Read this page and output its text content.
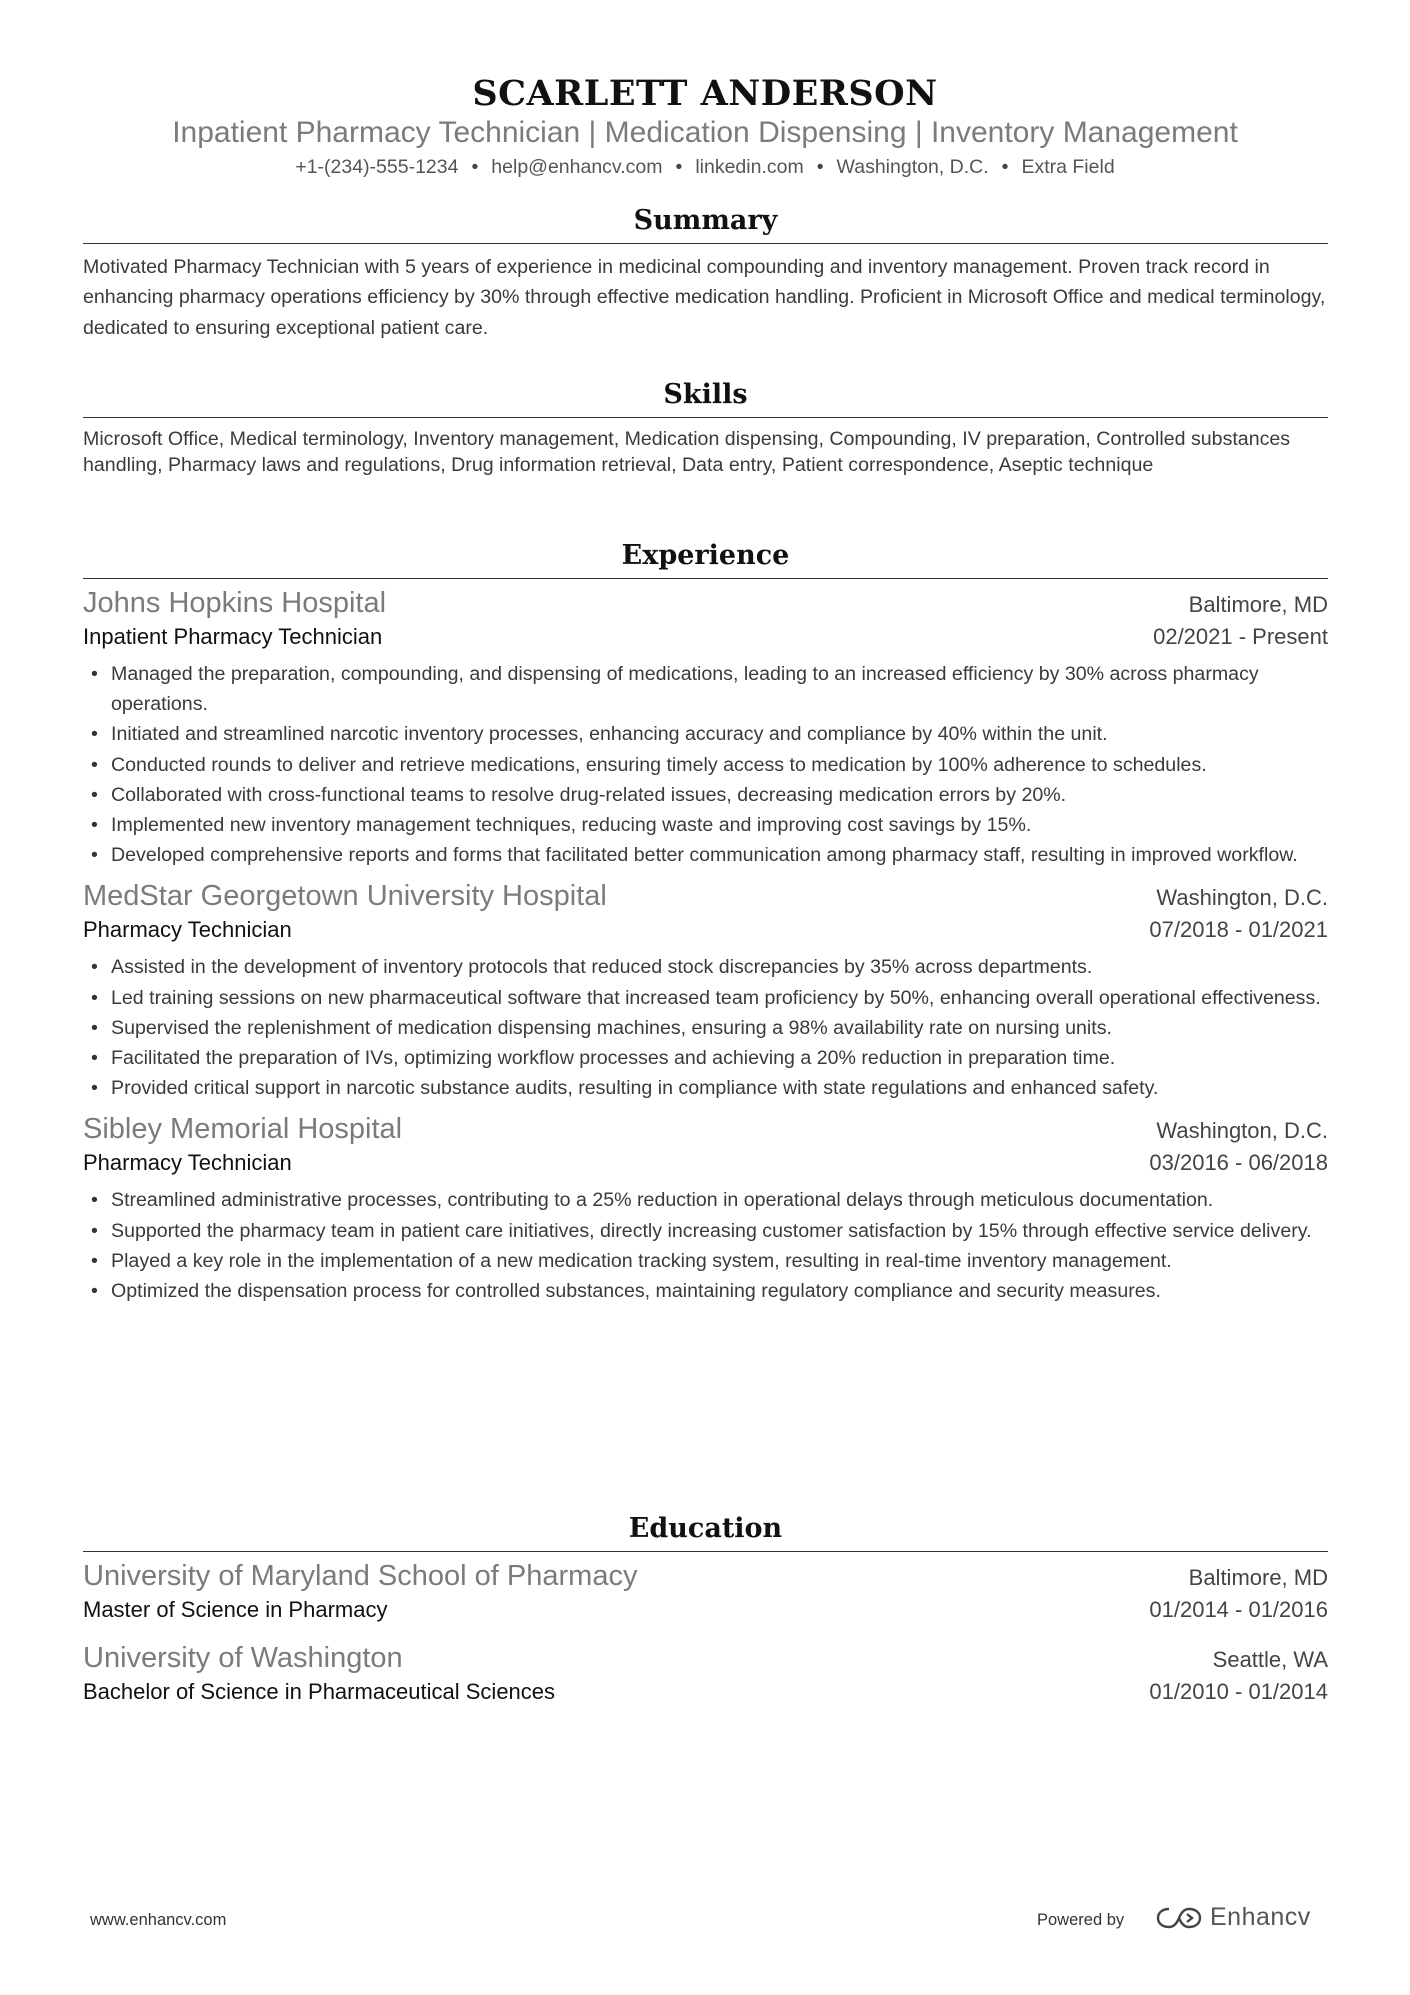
SCARLETT ANDERSON
Inpatient Pharmacy Technician | Medication Dispensing | Inventory Management
+1-(234)-555-1234 • help@enhancv.com • linkedin.com • Washington, D.C. • Extra Field
Summary
Motivated Pharmacy Technician with 5 years of experience in medicinal compounding and inventory management. Proven track record in enhancing pharmacy operations efficiency by 30% through effective medication handling. Proficient in Microsoft Office and medical terminology, dedicated to ensuring exceptional patient care.
Skills
Microsoft Office, Medical terminology, Inventory management, Medication dispensing, Compounding, IV preparation, Controlled substances handling, Pharmacy laws and regulations, Drug information retrieval, Data entry, Patient correspondence, Aseptic technique
Experience
Johns Hopkins Hospital	Baltimore, MD
Inpatient Pharmacy Technician	02/2021 - Present
• Managed the preparation, compounding, and dispensing of medications, leading to an increased efficiency by 30% across pharmacy operations.
• Initiated and streamlined narcotic inventory processes, enhancing accuracy and compliance by 40% within the unit.
• Conducted rounds to deliver and retrieve medications, ensuring timely access to medication by 100% adherence to schedules.
• Collaborated with cross-functional teams to resolve drug-related issues, decreasing medication errors by 20%.
• Implemented new inventory management techniques, reducing waste and improving cost savings by 15%.
• Developed comprehensive reports and forms that facilitated better communication among pharmacy staff, resulting in improved workflow.
MedStar Georgetown University Hospital	Washington, D.C.
Pharmacy Technician	07/2018 - 01/2021
• Assisted in the development of inventory protocols that reduced stock discrepancies by 35% across departments.
• Led training sessions on new pharmaceutical software that increased team proficiency by 50%, enhancing overall operational effectiveness.
• Supervised the replenishment of medication dispensing machines, ensuring a 98% availability rate on nursing units.
• Facilitated the preparation of IVs, optimizing workflow processes and achieving a 20% reduction in preparation time.
• Provided critical support in narcotic substance audits, resulting in compliance with state regulations and enhanced safety.
Sibley Memorial Hospital	Washington, D.C.
Pharmacy Technician	03/2016 - 06/2018
• Streamlined administrative processes, contributing to a 25% reduction in operational delays through meticulous documentation.
• Supported the pharmacy team in patient care initiatives, directly increasing customer satisfaction by 15% through effective service delivery.
• Played a key role in the implementation of a new medication tracking system, resulting in real-time inventory management.
• Optimized the dispensation process for controlled substances, maintaining regulatory compliance and security measures.
Education
University of Maryland School of Pharmacy	Baltimore, MD
Master of Science in Pharmacy	01/2014 - 01/2016
University of Washington	Seattle, WA
Bachelor of Science in Pharmaceutical Sciences	01/2010 - 01/2014
www.enhancv.com	Powered by	Enhancv
